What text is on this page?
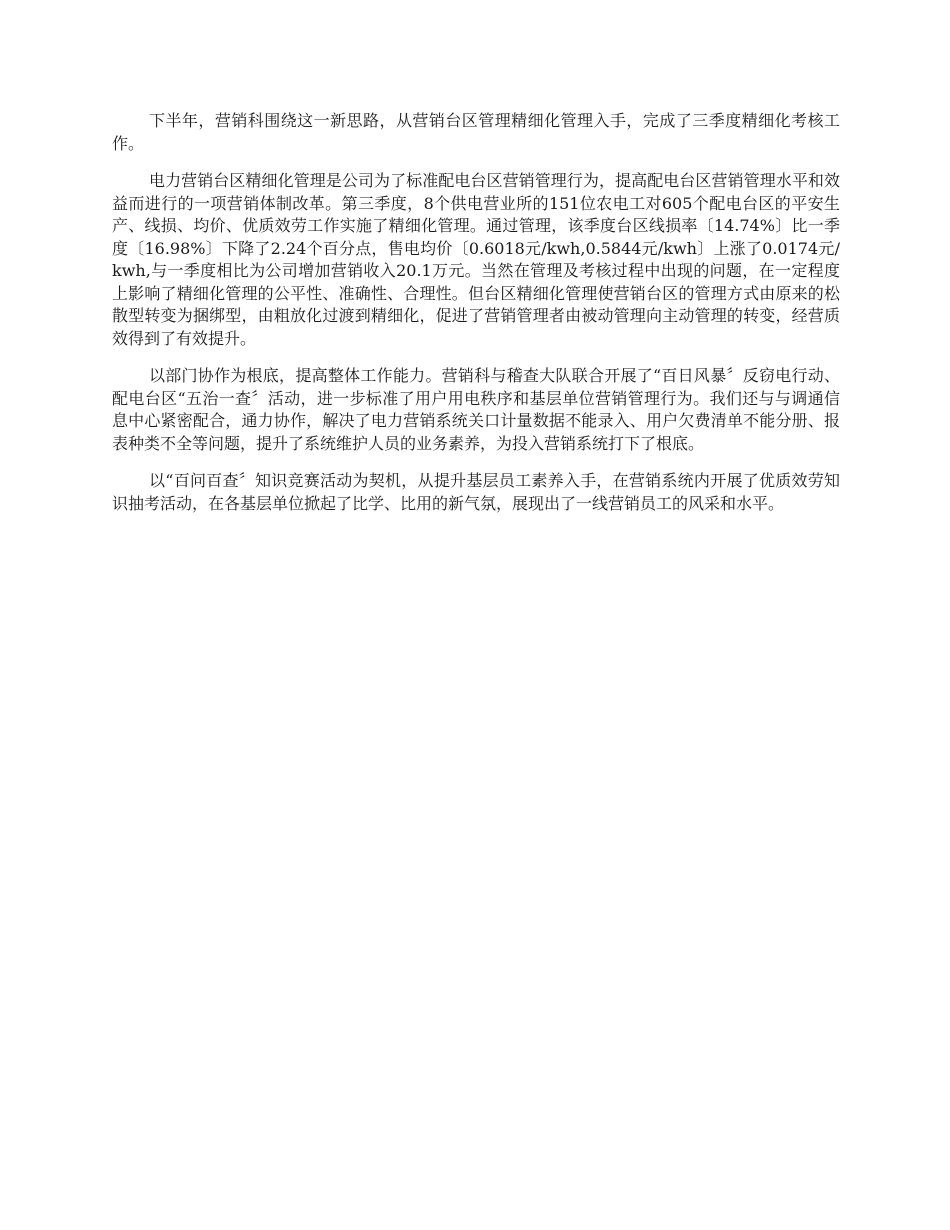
下半年，营销科围绕这一新思路，从营销台区管理精细化管理入手，完成了三季度精细化考核工作。

电力营销台区精细化管理是公司为了标准配电台区营销管理行为，提高配电台区营销管理水平和效益而进行的一项营销体制改革。第三季度，8个供电营业所的151位农电工对605个配电台区的平安生产、线损、均价、优质效劳工作实施了精细化管理。通过管理，该季度台区线损率〔14.74%〕比一季度〔16.98%〕下降了2.24个百分点，售电均价〔0.6018元/kwh,0.5844元/kwh〕上涨了0.0174元/kwh,与一季度相比为公司增加营销收入20.1万元。当然在管理及考核过程中出现的问题，在一定程度上影响了精细化管理的公平性、准确性、合理性。但台区精细化管理使营销台区的管理方式由原来的松散型转变为捆绑型，由粗放化过渡到精细化，促进了营销管理者由被动管理向主动管理的转变，经营质效得到了有效提升。

以部门协作为根底，提高整体工作能力。营销科与稽查大队联合开展了“百日风暴〞反窃电行动、配电台区“五治一查〞活动，进一步标准了用户用电秩序和基层单位营销管理行为。我们还与与调通信息中心紧密配合，通力协作，解决了电力营销系统关口计量数据不能录入、用户欠费清单不能分册、报表种类不全等问题，提升了系统维护人员的业务素养，为投入营销系统打下了根底。

以“百问百查〞知识竞赛活动为契机，从提升基层员工素养入手，在营销系统内开展了优质效劳知识抽考活动，在各基层单位掀起了比学、比用的新气氛，展现出了一线营销员工的风采和水平。
